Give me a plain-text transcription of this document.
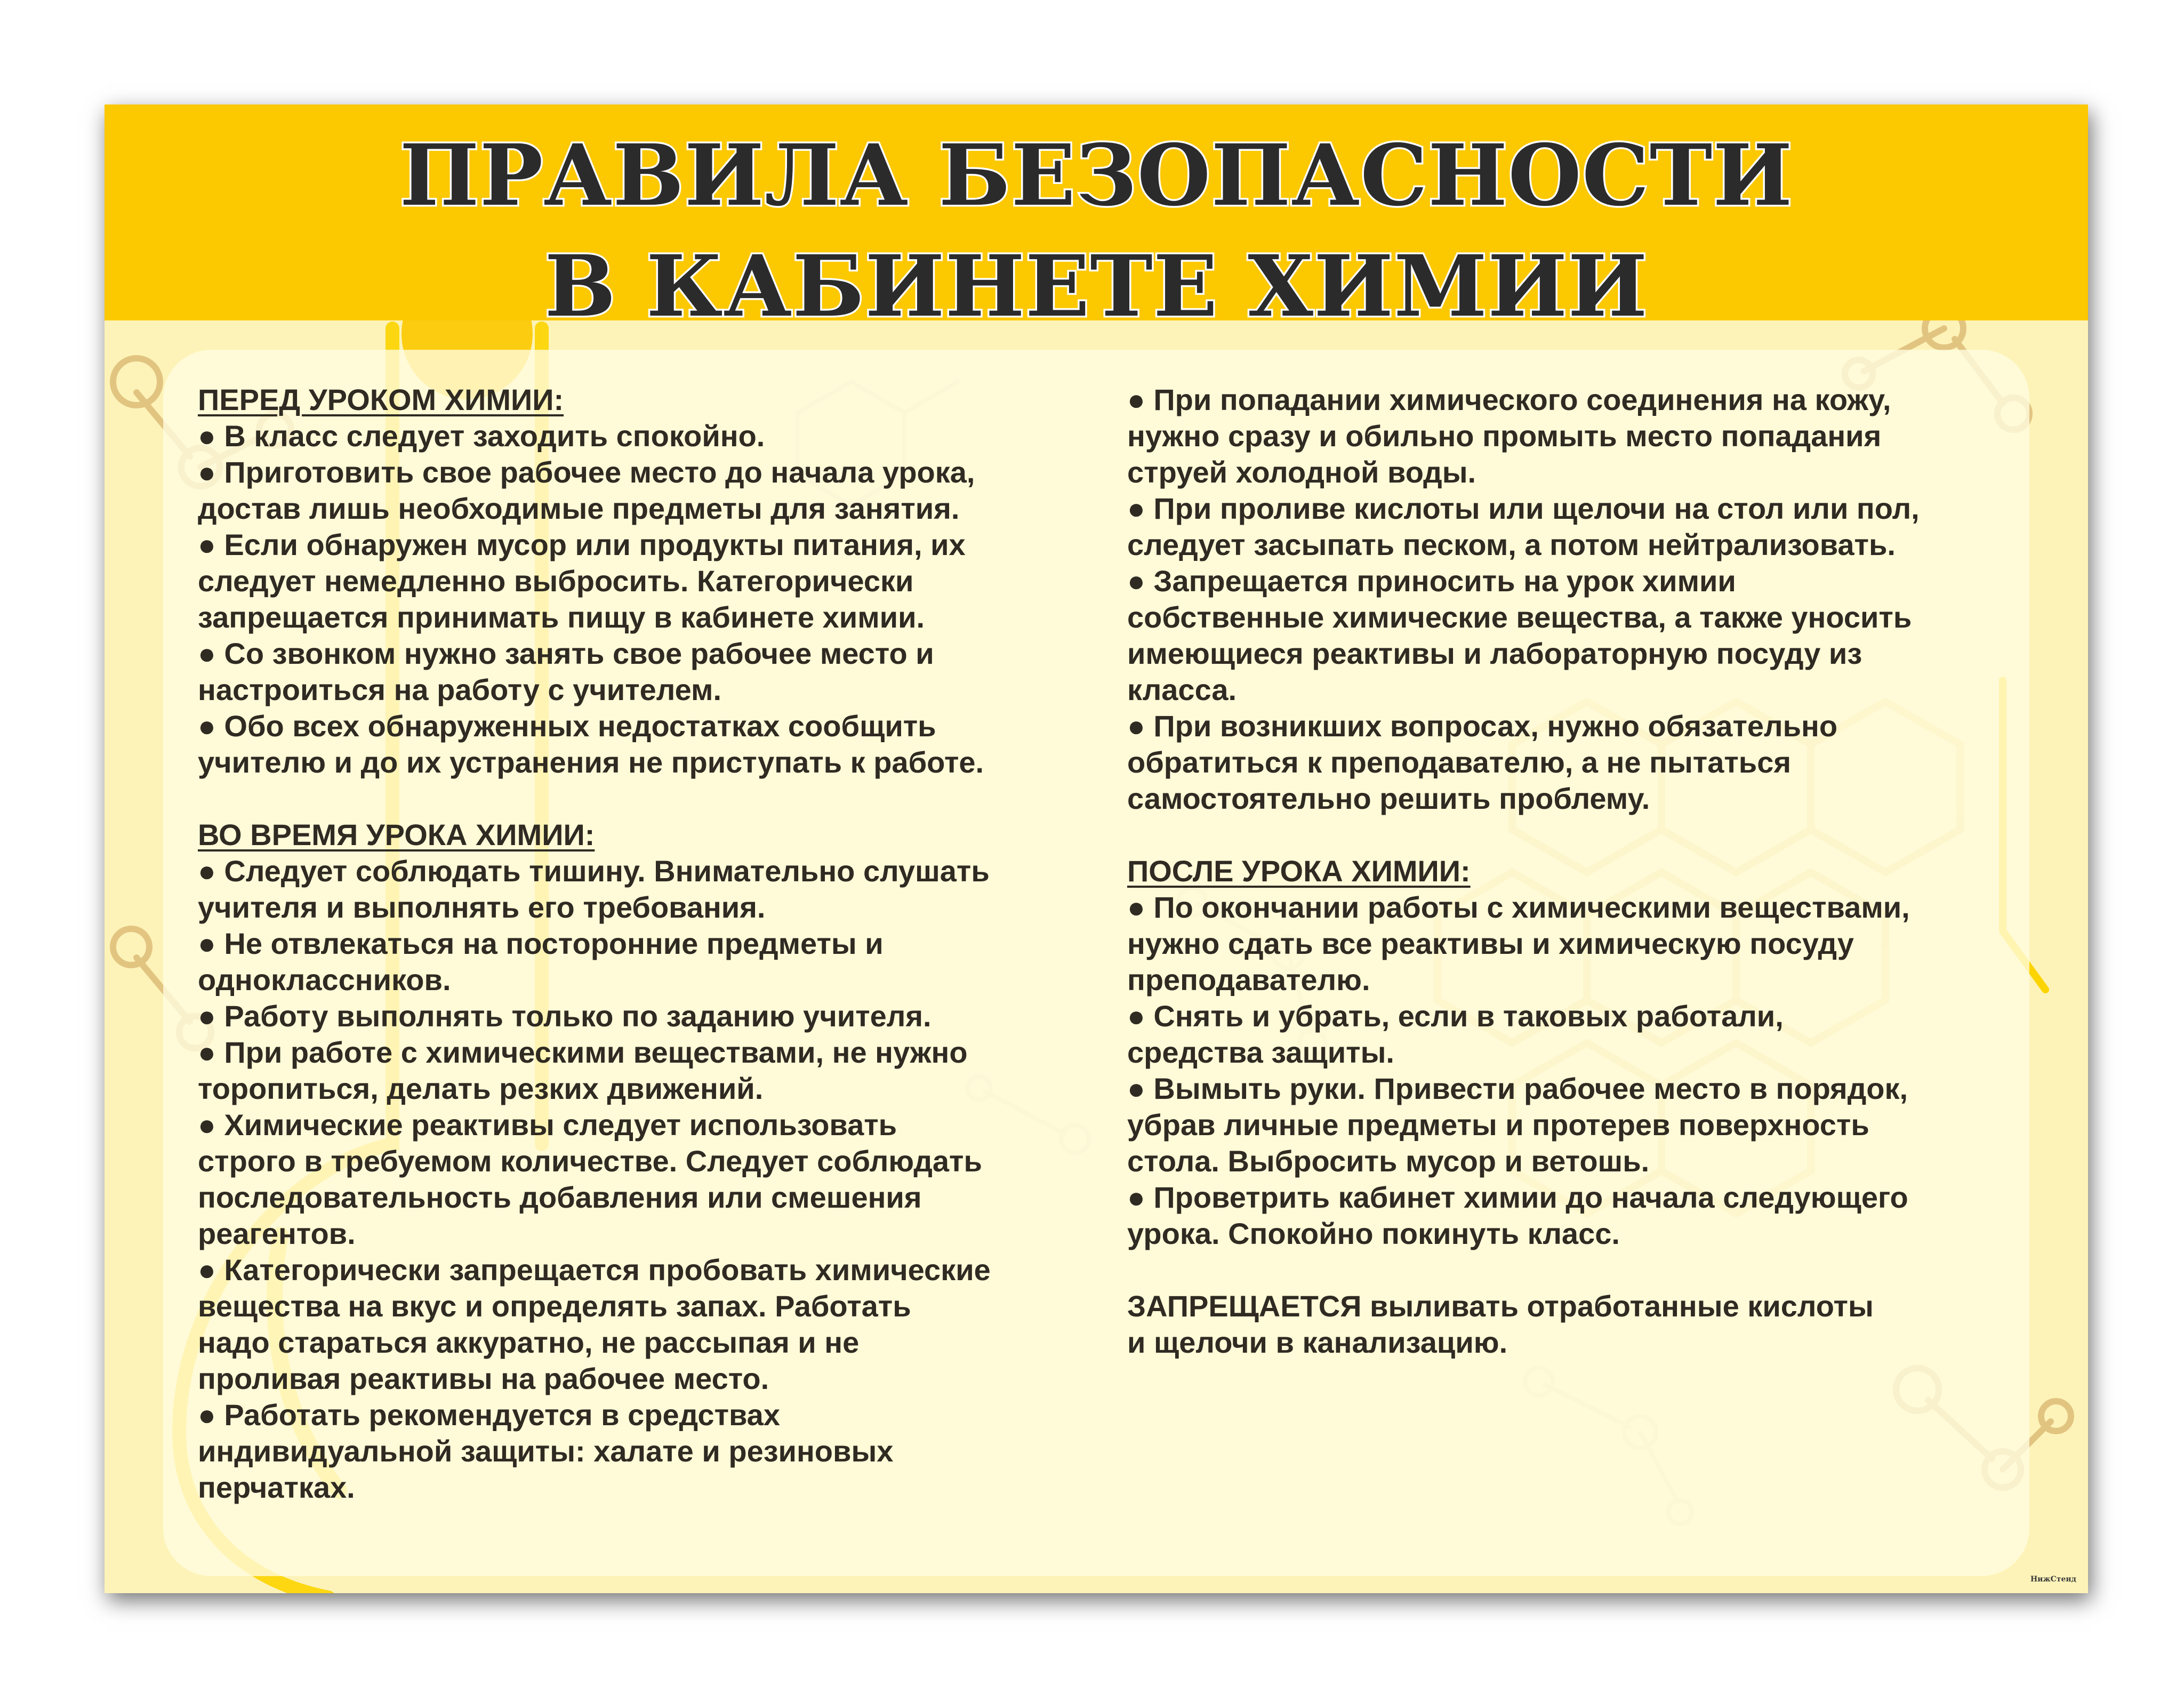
ПРАВИЛА БЕЗОПАСНОСТИ
В КАБИНЕТЕ ХИМИИ
ПЕРЕД УРОКОМ ХИМИИ:
● В класс следует заходить спокойно.
● Приготовить свое рабочее место до начала урока,
достав лишь необходимые предметы для занятия.
● Если обнаружен мусор или продукты питания, их
следует немедленно выбросить. Категорически
запрещается принимать пищу в кабинете химии.
● Со звонком нужно занять свое рабочее место и
настроиться на работу с учителем.
● Обо всех обнаруженных недостатках сообщить
учителю и до их устранения не приступать к работе.
ВО ВРЕМЯ УРОКА ХИМИИ:
● Следует соблюдать тишину. Внимательно слушать
учителя и выполнять его требования.
● Не отвлекаться на посторонние предметы и
одноклассников.
● Работу выполнять только по заданию учителя.
● При работе с химическими веществами, не нужно
торопиться, делать резких движений.
● Химические реактивы следует использовать
строго в требуемом количестве. Следует соблюдать
последовательность добавления или смешения
реагентов.
● Категорически запрещается пробовать химические
вещества на вкус и определять запах. Работать
надо стараться аккуратно, не рассыпая и не
проливая реактивы на рабочее место.
● Работать рекомендуется в средствах
индивидуальной защиты: халате и резиновых
перчатках.
● При попадании химического соединения на кожу,
нужно сразу и обильно промыть место попадания
струей холодной воды.
● При проливе кислоты или щелочи на стол или пол,
следует засыпать песком, а потом нейтрализовать.
● Запрещается приносить на урок химии
собственные химические вещества, а также уносить
имеющиеся реактивы и лабораторную посуду из
класса.
● При возникших вопросах, нужно обязательно
обратиться к преподавателю, а не пытаться
самостоятельно решить проблему.
ПОСЛЕ УРОКА ХИМИИ:
● По окончании работы с химическими веществами,
нужно сдать все реактивы и химическую посуду
преподавателю.
● Снять и убрать, если в таковых работали,
средства защиты.
● Вымыть руки. Привести рабочее место в порядок,
убрав личные предметы и протерев поверхность
стола. Выбросить мусор и ветошь.
● Проветрить кабинет химии до начала следующего
урока. Спокойно покинуть класс.
ЗАПРЕЩАЕТСЯ выливать отработанные кислоты
и щелочи в канализацию.
НижСтенд
